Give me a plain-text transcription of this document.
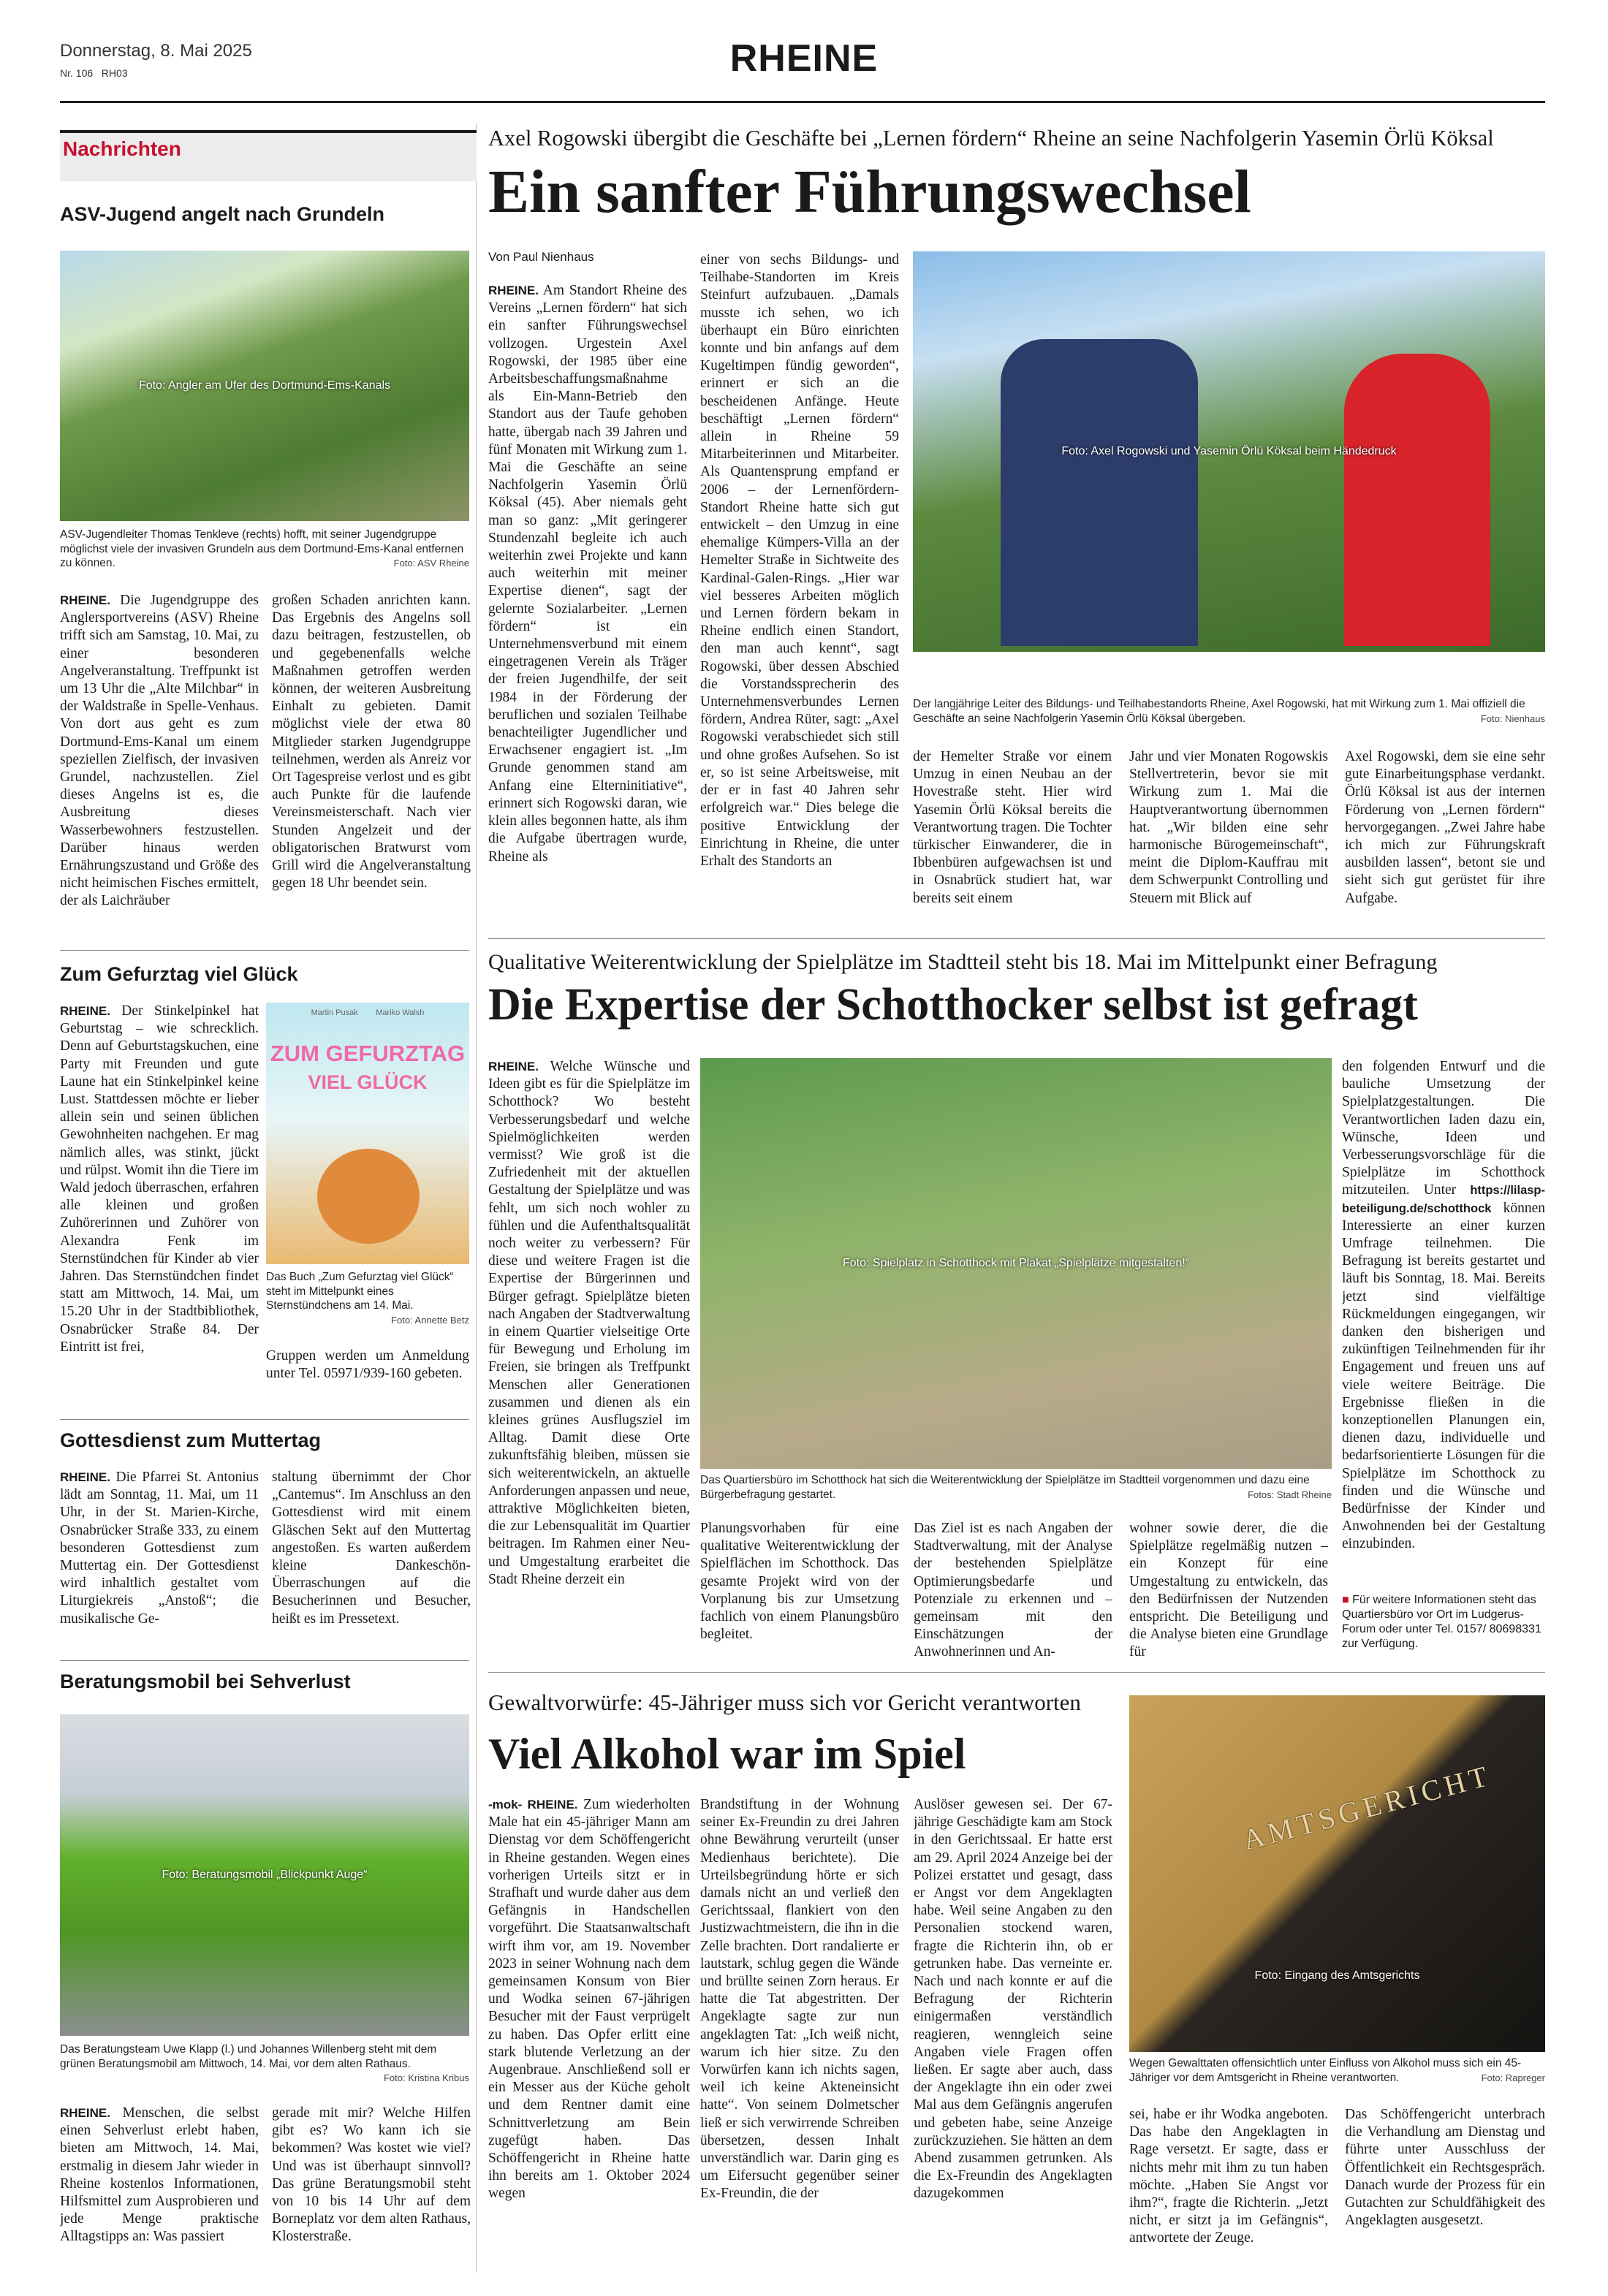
Donnerstag, 8. Mai 2025
Nr. 106   RH03	RHEINE
Nachrichten
ASV-Jugend angelt nach Grundeln
Foto: Angler am Ufer des Dortmund-Ems-Kanals
ASV-Jugendleiter Thomas Tenkleve (rechts) hofft, mit seiner Jugendgruppe möglichst viele der invasiven Grundeln aus dem Dortmund-Ems-Kanal entfernen zu können.	Foto: ASV Rheine

RHEINE. Die Jugendgruppe des Anglersportvereins (ASV) Rheine trifft sich am Samstag, 10. Mai, zu einer besonderen Angelveranstaltung. Treffpunkt ist um 13 Uhr die „Alte Milchbar“ in der Waldstraße in Spelle-Venhaus. Von dort aus geht es zum Dortmund-Ems-Kanal um einem speziellen Zielfisch, der invasiven Grundel, nachzustellen. Ziel dieses Angelns ist es, die Ausbreitung dieses Wasserbewohners festzustellen. Darüber hinaus werden Ernährungszustand und Größe des nicht heimischen Fisches ermittelt, der als Laichräuber

großen Schaden anrichten kann. Das Ergebnis des Angelns soll dazu beitragen, festzustellen, ob und gegebenenfalls welche Maßnahmen getroffen werden können, der weiteren Ausbreitung Einhalt zu gebieten. Damit möglichst viele der etwa 80 Mitglieder starken Jugendgruppe teilnehmen, werden als Anreiz vor Ort Tagespreise verlost und es gibt auch Punkte für die laufende Vereinsmeisterschaft. Nach vier Stunden Angelzeit und der obligatorischen Bratwurst vom Grill wird die Angelveranstaltung gegen 18 Uhr beendet sein.

Zum Gefurztag viel Glück

RHEINE. Der Stinkelpinkel hat Geburtstag – wie schrecklich. Denn auf Geburtstagskuchen, eine Party mit Freunden und gute Laune hat ein Stinkelpinkel keine Lust. Stattdessen möchte er lieber allein sein und seinen üblichen Gewohnheiten nachgehen. Er mag nämlich alles, was stinkt, jückt und rülpst. Womit ihn die Tiere im Wald jedoch überraschen, erfahren alle kleinen und großen Zuhörerinnen und Zuhörer von Alexandra Fenk im Sternstündchen für Kinder ab vier Jahren. Das Sternstündchen findet statt am Mittwoch, 14. Mai, um 15.20 Uhr in der Stadtbibliothek, Osnabrücker Straße 84. Der Eintritt ist frei,

Martin Pusak        Mariko Walsh
ZUM GEFURZTAG
VIEL GLÜCK
Das Buch „Zum Gefurztag viel Glück“ steht im Mittelpunkt eines Sternstündchens am 14. Mai.
Foto: Annette Betz

Gruppen werden um Anmeldung unter Tel. 05971/939-160 gebeten.

Gottesdienst zum Muttertag

RHEINE. Die Pfarrei St. Antonius lädt am Sonntag, 11. Mai, um 11 Uhr, in der St. Marien-Kirche, Osnabrücker Straße 333, zu einem besonderen Gottesdienst zum Muttertag ein. Der Gottesdienst wird inhaltlich gestaltet vom Liturgiekreis „Anstoß“; die musikalische Ge-

staltung übernimmt der Chor „Cantemus“. Im Anschluss an den Gottesdienst wird mit einem Gläschen Sekt auf den Muttertag angestoßen. Es warten außerdem kleine Dankeschön-Überraschungen auf die Besucherinnen und Besucher, heißt es im Pressetext.

Beratungsmobil bei Sehverlust
Foto: Beratungsmobil „Blickpunkt Auge“
Das Beratungsteam Uwe Klapp (l.) und Johannes Willenberg steht mit dem grünen Beratungsmobil am Mittwoch, 14. Mai, vor dem alten Rathaus.
Foto: Kristina Kribus

RHEINE. Menschen, die selbst einen Sehverlust erlebt haben, bieten am Mittwoch, 14. Mai, erstmalig in diesem Jahr wieder in Rheine kostenlos Informationen, Hilfsmittel zum Ausprobieren und jede Menge praktische Alltagstipps an: Was passiert

gerade mit mir? Welche Hilfen gibt es? Wo kann ich sie bekommen? Was kostet wie viel? Und was ist überhaupt sinnvoll? Das grüne Beratungsmobil steht von 10 bis 14 Uhr auf dem Borneplatz vor dem alten Rathaus, Klosterstraße.

Axel Rogowski übergibt die Geschäfte bei „Lernen fördern“ Rheine an seine Nachfolgerin Yasemin Örlü Köksal
Ein sanfter Führungswechsel
Von Paul Nienhaus

RHEINE. Am Standort Rheine des Vereins „Lernen fördern“ hat sich ein sanfter Führungswechsel vollzogen. Urgestein Axel Rogowski, der 1985 über eine Arbeitsbeschaffungsmaßnahme als Ein-Mann-Betrieb den Standort aus der Taufe gehoben hatte, übergab nach 39 Jahren und fünf Monaten mit Wirkung zum 1. Mai die Geschäfte an seine Nachfolgerin Yasemin Örlü Köksal (45). Aber niemals geht man so ganz: „Mit geringerer Stundenzahl begleite ich auch weiterhin zwei Projekte und kann auch weiterhin mit meiner Expertise dienen“, sagt der gelernte Sozialarbeiter. „Lernen fördern“ ist ein Unternehmensverbund mit einem eingetragenen Verein als Träger der freien Jugendhilfe, der seit 1984 in der Förderung der beruflichen und sozialen Teilhabe benachteiligter Jugendlicher und Erwachsener engagiert ist. „Im Grunde genommen stand am Anfang eine Elterninitiative“, erinnert sich Rogowski daran, wie klein alles begonnen hatte, als ihm die Aufgabe übertragen wurde, Rheine als

einer von sechs Bildungs- und Teilhabe-Standorten im Kreis Steinfurt aufzubauen. „Damals musste ich sehen, wo ich überhaupt ein Büro einrichten konnte und bin anfangs auf dem Kugeltimpen fündig geworden“, erinnert er sich an die bescheidenen Anfänge. Heute beschäftigt „Lernen fördern“ allein in Rheine 59 Mitarbeiterinnen und Mitarbeiter. Als Quantensprung empfand er 2006 – der Lernenfördern-Standort Rheine hatte sich gut entwickelt – den Umzug in eine ehemalige Kümpers-Villa an der Hemelter Straße in Sichtweite des Kardinal-Galen-Rings. „Hier war viel besseres Arbeiten möglich und Lernen fördern bekam in Rheine endlich einen Standort, den man auch kennt“, sagt Rogowski, über dessen Abschied die Vorstandssprecherin des Unternehmensverbundes Lernen fördern, Andrea Rüter, sagt: „Axel Rogowski verabschiedet sich still und ohne großes Aufsehen. So ist er, so ist seine Arbeitsweise, mit der er in fast 40 Jahren sehr erfolgreich war.“ Dies belege die positive Entwicklung der Einrichtung in Rheine, die unter Erhalt des Standorts an

Foto: Axel Rogowski und Yasemin Örlü Köksal beim Händedruck
Der langjährige Leiter des Bildungs- und Teilhabestandorts Rheine, Axel Rogowski, hat mit Wirkung zum 1. Mai offiziell die Geschäfte an seine Nachfolgerin Yasemin Örlü Köksal übergeben.	Foto: Nienhaus

der Hemelter Straße vor einem Umzug in einen Neubau an der Hovestraße steht. Hier wird Yasemin Örlü Köksal bereits die Verantwortung tragen. Die Tochter türkischer Einwanderer, die in Ibbenbüren aufgewachsen ist und in Osnabrück studiert hat, war bereits seit einem

Jahr und vier Monaten Rogowskis Stellvertreterin, bevor sie mit Wirkung zum 1. Mai die Hauptverantwortung übernommen hat. „Wir bilden eine sehr harmonische Bürogemeinschaft“, meint die Diplom-Kauffrau mit dem Schwerpunkt Controlling und Steuern mit Blick auf

Axel Rogowski, dem sie eine sehr gute Einarbeitungsphase verdankt. Örlü Köksal ist aus der internen Förderung von „Lernen fördern“ hervorgegangen. „Zwei Jahre habe ich mich zur Führungskraft ausbilden lassen“, betont sie und sieht sich gut gerüstet für ihre Aufgabe.

Qualitative Weiterentwicklung der Spielplätze im Stadtteil steht bis 18. Mai im Mittelpunkt einer Befragung
Die Expertise der Schotthocker selbst ist gefragt

RHEINE. Welche Wünsche und Ideen gibt es für die Spielplätze im Schotthock? Wo besteht Verbesserungsbedarf und welche Spielmöglichkeiten werden vermisst? Wie groß ist die Zufriedenheit mit der aktuellen Gestaltung der Spielplätze und was fehlt, um sich noch wohler zu fühlen und die Aufenthaltsqualität noch weiter zu verbessern? Für diese und weitere Fragen ist die Expertise der Bürgerinnen und Bürger gefragt. Spielplätze bieten nach Angaben der Stadtverwaltung in einem Quartier vielseitige Orte für Bewegung und Erholung im Freien, sie bringen als Treffpunkt Menschen aller Generationen zusammen und dienen als ein kleines grünes Ausflugsziel im Alltag. Damit diese Orte zukunftsfähig bleiben, müssen sie sich weiterentwickeln, an aktuelle Anforderungen anpassen und neue, attraktive Möglichkeiten bieten, die zur Lebensqualität im Quartier beitragen. Im Rahmen einer Neu- und Umgestaltung erarbeitet die Stadt Rheine derzeit ein

Foto: Spielplatz in Schotthock mit Plakat „Spielplätze mitgestalten!“
Das Quartiersbüro im Schotthock hat sich die Weiterentwicklung der Spielplätze im Stadtteil vorgenommen und dazu eine Bürgerbefragung gestartet.	Fotos: Stadt Rheine

Planungsvorhaben für eine qualitative Weiterentwicklung der Spielflächen im Schotthock. Das gesamte Projekt wird von der Vorplanung bis zur Umsetzung fachlich von einem Planungsbüro begleitet.

Das Ziel ist es nach Angaben der Stadtverwaltung, mit der Analyse der bestehenden Spielplätze Optimierungsbedarfe und Potenziale zu erkennen und – gemeinsam mit den Einschätzungen der Anwohnerinnen und An-

wohner sowie derer, die die Spielplätze regelmäßig nutzen – ein Konzept für eine Umgestaltung zu entwickeln, das den Bedürfnissen der Nutzenden entspricht. Die Beteiligung und die Analyse bieten eine Grundlage für

den folgenden Entwurf und die bauliche Umsetzung der Spielplatzgestaltungen. Die Verantwortlichen laden dazu ein, Wünsche, Ideen und Verbesserungsvorschläge für die Spielplätze im Schotthock mitzuteilen. Unter https://lilasp-beteiligung.de/schotthock können Interessierte an einer kurzen Umfrage teilnehmen. Die Befragung ist bereits gestartet und läuft bis Sonntag, 18. Mai. Bereits jetzt sind vielfältige Rückmeldungen eingegangen, wir danken den bisherigen und zukünftigen Teilnehmenden für ihr Engagement und freuen uns auf viele weitere Beiträge. Die Ergebnisse fließen in die konzeptionellen Planungen ein, dienen dazu, individuelle und bedarfsorientierte Lösungen für die Spielplätze im Schotthock zu finden und die Wünsche und Bedürfnisse der Kinder und Anwohnenden bei der Gestaltung einzubinden.

■ Für weitere Informationen steht das Quartiersbüro vor Ort im Ludgerus-Forum oder unter Tel. 0157/ 80698331 zur Verfügung.
Gewaltvorwürfe: 45-Jähriger muss sich vor Gericht verantworten
Viel Alkohol war im Spiel

-mok- RHEINE. Zum wiederholten Male hat ein 45-jähriger Mann am Dienstag vor dem Schöffengericht in Rheine gestanden. Wegen eines vorherigen Urteils sitzt er in Strafhaft und wurde daher aus dem Gefängnis in Handschellen vorgeführt. Die Staatsanwaltschaft wirft ihm vor, am 19. November 2023 in seiner Wohnung nach dem gemeinsamen Konsum von Bier und Wodka seinen 67-jährigen Besucher mit der Faust verprügelt zu haben. Das Opfer erlitt eine stark blutende Verletzung an der Augenbraue. Anschließend soll er ein Messer aus der Küche geholt und dem Rentner damit eine Schnittverletzung am Bein zugefügt haben. Das Schöffengericht in Rheine hatte ihn bereits am 1. Oktober 2024 wegen

Brandstiftung in der Wohnung seiner Ex-Freundin zu drei Jahren ohne Bewährung verurteilt (unser Medienhaus berichtete). Die Urteilsbegründung hörte er sich damals nicht an und verließ den Gerichtssaal, flankiert von den Justizwachtmeistern, die ihn in die Zelle brachten. Dort randalierte er lautstark, schlug gegen die Wände und brüllte seinen Zorn heraus. Er hatte die Tat abgestritten. Der Angeklagte sagte zur nun angeklagten Tat: „Ich weiß nicht, warum ich hier sitze. Zu den Vorwürfen kann ich nichts sagen, weil ich keine Akteneinsicht hatte“. Von seinem Dolmetscher ließ er sich verwirrende Schreiben übersetzen, dessen Inhalt unverständlich war. Darin ging es um Eifersucht gegenüber seiner Ex-Freundin, die der

Auslöser gewesen sei. Der 67-jährige Geschädigte kam am Stock in den Gerichtssaal. Er hatte erst am 29. April 2024 Anzeige bei der Polizei erstattet und gesagt, dass er Angst vor dem Angeklagten habe. Weil seine Angaben zu den Personalien stockend waren, fragte die Richterin ihn, ob er getrunken habe. Das verneinte er. Nach und nach konnte er auf die Befragung der Richterin einigermaßen verständlich reagieren, wenngleich seine Angaben viele Fragen offen ließen. Er sagte aber auch, dass der Angeklagte ihn ein oder zwei Mal aus dem Gefängnis angerufen und gebeten habe, seine Anzeige zurückzuziehen. Sie hätten an dem Abend zusammen getrunken. Als die Ex-Freundin des Angeklagten dazugekommen

AMTSGERICHT
Foto: Eingang des Amtsgerichts
Wegen Gewalttaten offensichtlich unter Einfluss von Alkohol muss sich ein 45-Jähriger vor dem Amtsgericht in Rheine verantworten.	Foto: Rapreger

sei, habe er ihr Wodka angeboten. Das habe den Angeklagten in Rage versetzt. Er sagte, dass er nichts mehr mit ihm zu tun haben möchte. „Haben Sie Angst vor ihm?“, fragte die Richterin. „Jetzt nicht, er sitzt ja im Gefängnis“, antwortete der Zeuge.

Das Schöffengericht unterbrach die Verhandlung am Dienstag und führte unter Ausschluss der Öffentlichkeit ein Rechtsgespräch. Danach wurde der Prozess für ein Gutachten zur Schuldfähigkeit des Angeklagten ausgesetzt.
